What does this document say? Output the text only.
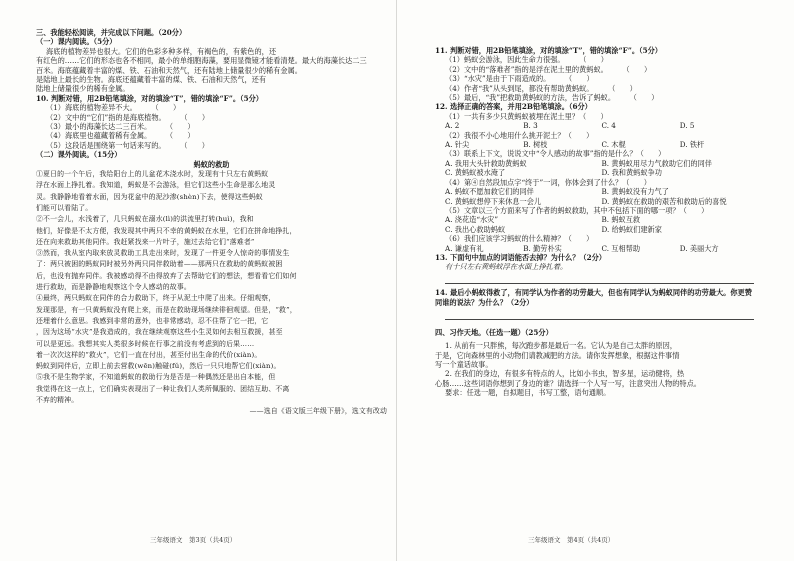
三、我能轻松阅读，并完成以下问题。（20分）
（一）课内阅读。（5分）
海底的植物差异也很大。它们的色彩多种多样，有褐色的，有紫色的，还
有红色的……它们的形态也各不相同，最小的单细胞海藻，要用显微镜才能看清楚。最大的海藻长达二三
百米。海底蕴藏着丰富的煤、铁、石油和天然气，还有陆地上储量很少的稀有金属。
是陆地上最长的生物。海底还蕴藏着丰富的煤、铁、石油和天然气，还有
陆地上储量很少的稀有金属。
10. 判断对错，用2B铅笔填涂，对的填涂“T”，错的填涂“F”。（5分）
（1）海底的植物差异不大。 （　　）
（2）文中的“它们”指的是海底植物。 （　　）
（3）最小的海藻长达二三百米。 （　　）
（4）海底里也蕴藏着稀有金属。 （　　）
（5）这段话是围绕第一句话来写的。 （　　）
（二）课外阅读。（15分）
蚂蚁的救助
①夏日的一个午后，我给阳台上的儿盆花木浇水时，发现有十只左右黄蚂蚁
浮在水面上挣扎着。我知道，蚂蚁是不会游泳，但它们这些小生命是那么地灵
灵。我静静地看着水面，因为花盆中的泥沙渗(shèn)下去，使得这些蚂蚁
们能可以看陆了。
②不一会儿，水浅着了，几只蚂蚁在溺水(lì)的洪流里打转(huì)，我和
他们，好像是不太方便，我发现其中两只不幸的黄蚂蚁在水里，它们在拼命地挣扎，
还在向来救助其他同伴。我赶紧找来一片叶子，施过去给它们“落难者”
③然而，我从室内取来放灵救助工具走出来时，发现了一件更令人惊奇的事情发生
了：两只被困的蚂蚁同时被另外两只同伴救助着——那两只在救助的黄蚂蚁被困
后，也没有抛弃同伴。我被感动得不由得放弃了去帮助它们的想法，想看看它们如何
进行救助，而是静静地观察这个令人感动的故事。
④最终，两只蚂蚁在同伴的合力救助下，终于从泥土中爬了出来。仔细观察，
发现那是，有一只黄蚂蚁没有爬上来，而是在救助现场继续徘徊观望。但是，“救”，
还埋着什么意思。我感到非常的意外，也非常感动，忍不住帮了它一把，它
，因为这场“水灾”是我造成的，我在继续观察这些小生灵如何去相互救援，甚至
可以是更远。我想其实人类很多时候在行事之前没有考虑到的后果……
着一次次这样的“救火”，它们一直在付出，甚至付出生命的代价(xiàn)。
蚂蚁到同伴后，立即上前去营救(wēn)触碰(fǔ)，然后一只只地帮它们(xiàn)。
⑤我不是生物学家，不知道蚂蚁的救助行为是否是一种偶然还是出自本能，但
我觉得在这一点上，它们确实表现出了一种让我们人类所佩服的、团结互助、不离
不弃的精神。
——选自《语文版三年级下册》，选文有改动
三年级语文　第3页（共4页）
11. 判断对错，用2B铅笔填涂，对的填涂“T”，错的填涂“F”。（5分）
（1）蚂蚁会游泳，因此生命力很强。 （　　）
（2）文中的“落难者”指的是浮在泥土里的黄蚂蚁。 （　　）
（3）“水灾”是由于下雨造成的。 （　　）
（4）作者“我”从头到尾，都没有帮助黄蚂蚁。 （　　）
（5）最后，“我”把救助黄蚂蚁的方法，告诉了蚂蚁。 （　　）
12. 选择正确的答案，并用2B铅笔填涂。（6分）
（1）一共有多少只黄蚂蚁被埋在泥土里？（　　）
A. 2	B. 3	C. 4	D. 5
（2）我很不小心地用什么挑开泥土？（　　）
A. 针尖	B. 树枝	C. 木棍	D. 铁杆
（3）联系上下文，说说文中“令人感动的故事”指的是什么？（　　）
A. 我用大头针救助黄蚂蚁	B. 黄蚂蚁用尽力气救助它们的同伴
C. 黄蚂蚁被水淹了	D. 我和黄蚂蚁争功
（4）第④自然段加点字“终于”一词，你体会到了什么？（　　）
A. 蚂蚁不愿加救它们的同伴	B. 黄蚂蚁没有力气了
C. 黄蚂蚁想停下来休息一会儿	D. 黄蚂蚁在救助的艰苦和救助后的喜悦
（5）文章以三个方面来写了作者的蚂蚁救助，其中不包括下面的哪一项？（　　）
A. 浇花造“水灾”	B. 蚂蚁互救
C. 我出心救助蚂蚁	D. 给蚂蚁们建新家
（6）我们应该学习蚂蚁的什么精神？（　　）
A. 谦虚有礼	B. 勤劳朴实	C. 互相帮助	D. 美丽大方
13. 下面句中加点的词语能否去掉？为什么？（2分）
有十只左右黄蚂蚁浮在水面上挣扎着。
14. 最后小蚂蚁得救了，有同学认为作者的功劳最大，但也有同学认为蚂蚁同伴的功劳最大。你更赞同谁的说法？为什么？（2分）
四、习作天地。（任选一题）（25分）
1. 从前有一只胖熊，每次跑步都是最后一名。它认为是自己太胖的原因，
于是，它向森林里的小动物们请教减肥的方法。请你发挥想象，根据这件事情
写一个童话故事。
2. 在我们的身边，有很多有特点的人，比如小书虫，智多星，运动健将，热
心肠……这些词语你想到了身边的谁？请选择一个人写一写，注意突出人物的特点。
要求：任选一题，自拟题目，书写工整，语句通顺。
三年级语文　第4页（共4页）
